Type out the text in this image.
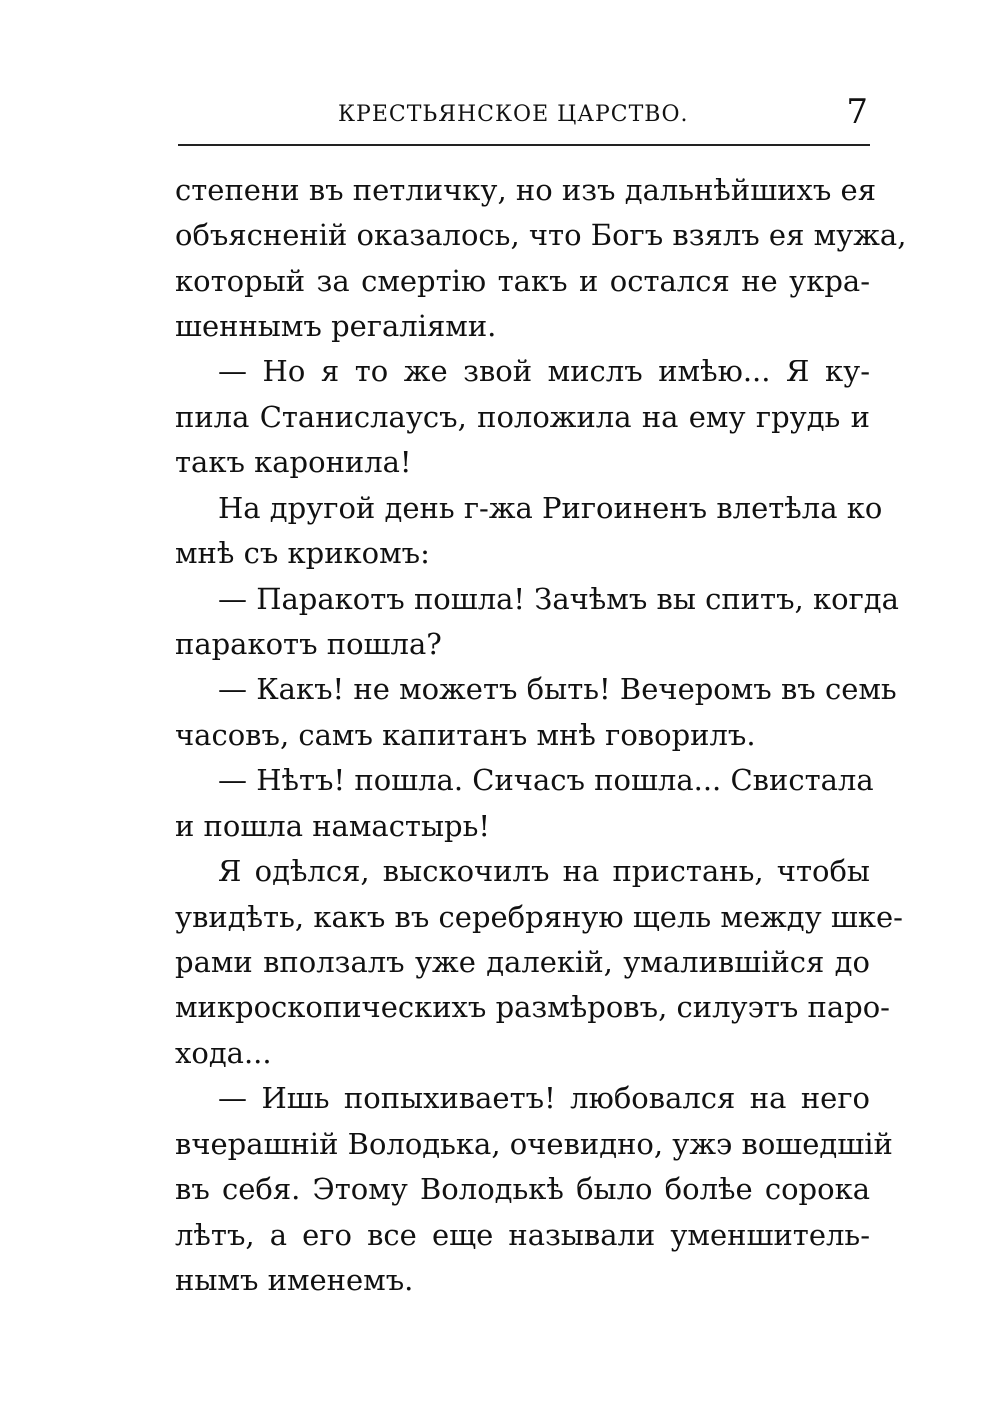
КРЕСТЬЯНСКОЕ ЦАРСТВО.	7
степени въ петличку, но изъ дальнѣйшихъ ея
объясненій оказалось, что Богъ взялъ ея мужа,
который за смертію такъ и остался не укра-
шеннымъ регаліями.
— Но я то же звой мислъ имѣю... Я ку-
пила Станислаусъ, положила на ему грудь и
такъ каронила!
На другой день г-жа Ригоиненъ влетѣла ко
мнѣ съ крикомъ:
— Паракотъ пошла! Зачѣмъ вы спитъ, когда
паракотъ пошла?
— Какъ! не можетъ быть! Вечеромъ въ семь
часовъ, самъ капитанъ мнѣ говорилъ.
— Нѣтъ! пошла. Сичасъ пошла... Свистала
и пошла намастырь!
Я одѣлся, выскочилъ на пристань, чтобы
увидѣть, какъ въ серебряную щель между шке-
рами вползалъ уже далекій, умалившійся до
микроскопическихъ размѣровъ, силуэтъ паро-
хода...
— Ишь попыхиваетъ! любовался на него
вчерашній Володька, очевидно, ужэ вошедшій
въ себя. Этому Володькѣ было болѣе сорока
лѣтъ, а его все еще называли уменшитель-
нымъ именемъ.
